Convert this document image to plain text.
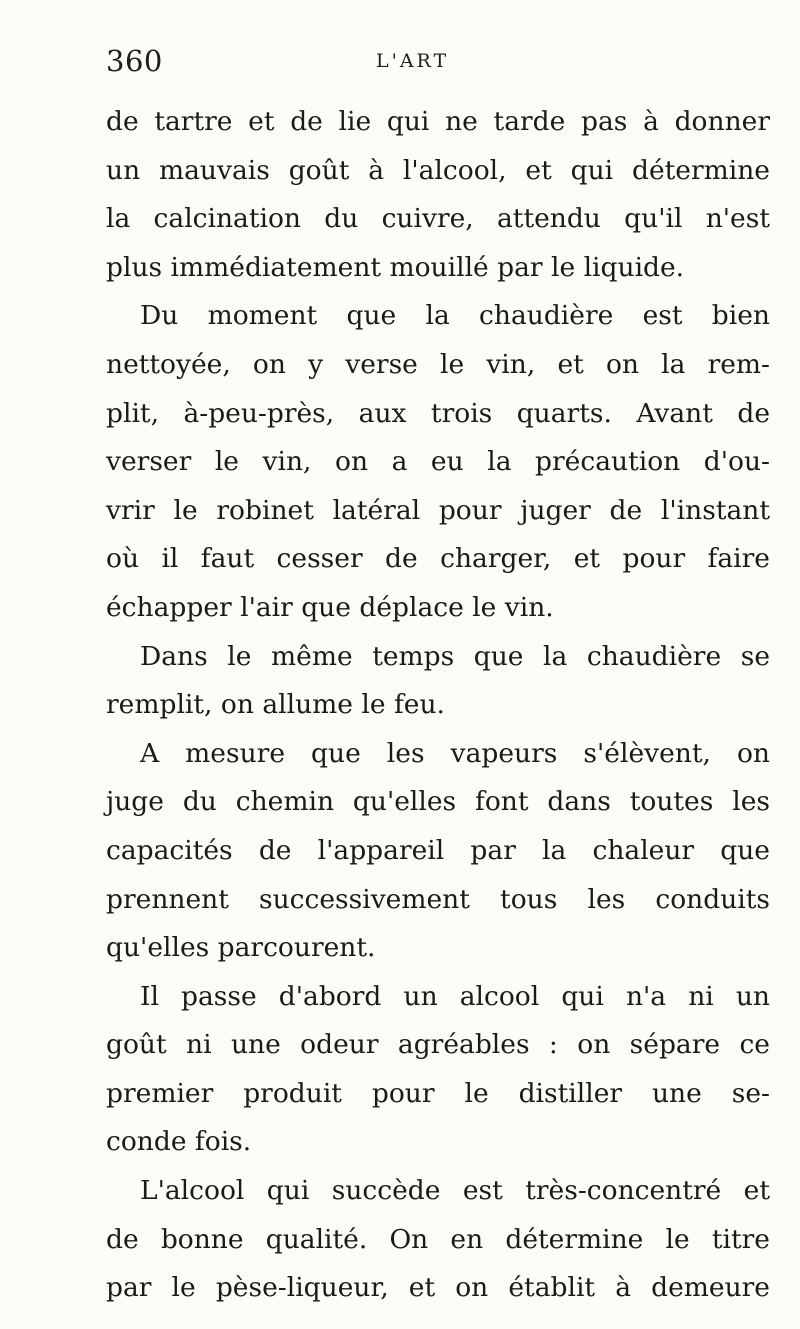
360	L'ART
de tartre et de lie qui ne tarde pas à donner
un mauvais goût à l'alcool, et qui détermine
la calcination du cuivre, attendu qu'il n'est
plus immédiatement mouillé par le liquide.
Du moment que la chaudière est bien
nettoyée, on y verse le vin, et on la rem-
plit, à-peu-près, aux trois quarts. Avant de
verser le vin, on a eu la précaution d'ou-
vrir le robinet latéral pour juger de l'instant
où il faut cesser de charger, et pour faire
échapper l'air que déplace le vin.
Dans le même temps que la chaudière se
remplit, on allume le feu.
A mesure que les vapeurs s'élèvent, on
juge du chemin qu'elles font dans toutes les
capacités de l'appareil par la chaleur que
prennent successivement tous les conduits
qu'elles parcourent.
Il passe d'abord un alcool qui n'a ni un
goût ni une odeur agréables : on sépare ce
premier produit pour le distiller une se-
conde fois.
L'alcool qui succède est très-concentré et
de bonne qualité. On en détermine le titre
par le pèse-liqueur, et on établit à demeure
